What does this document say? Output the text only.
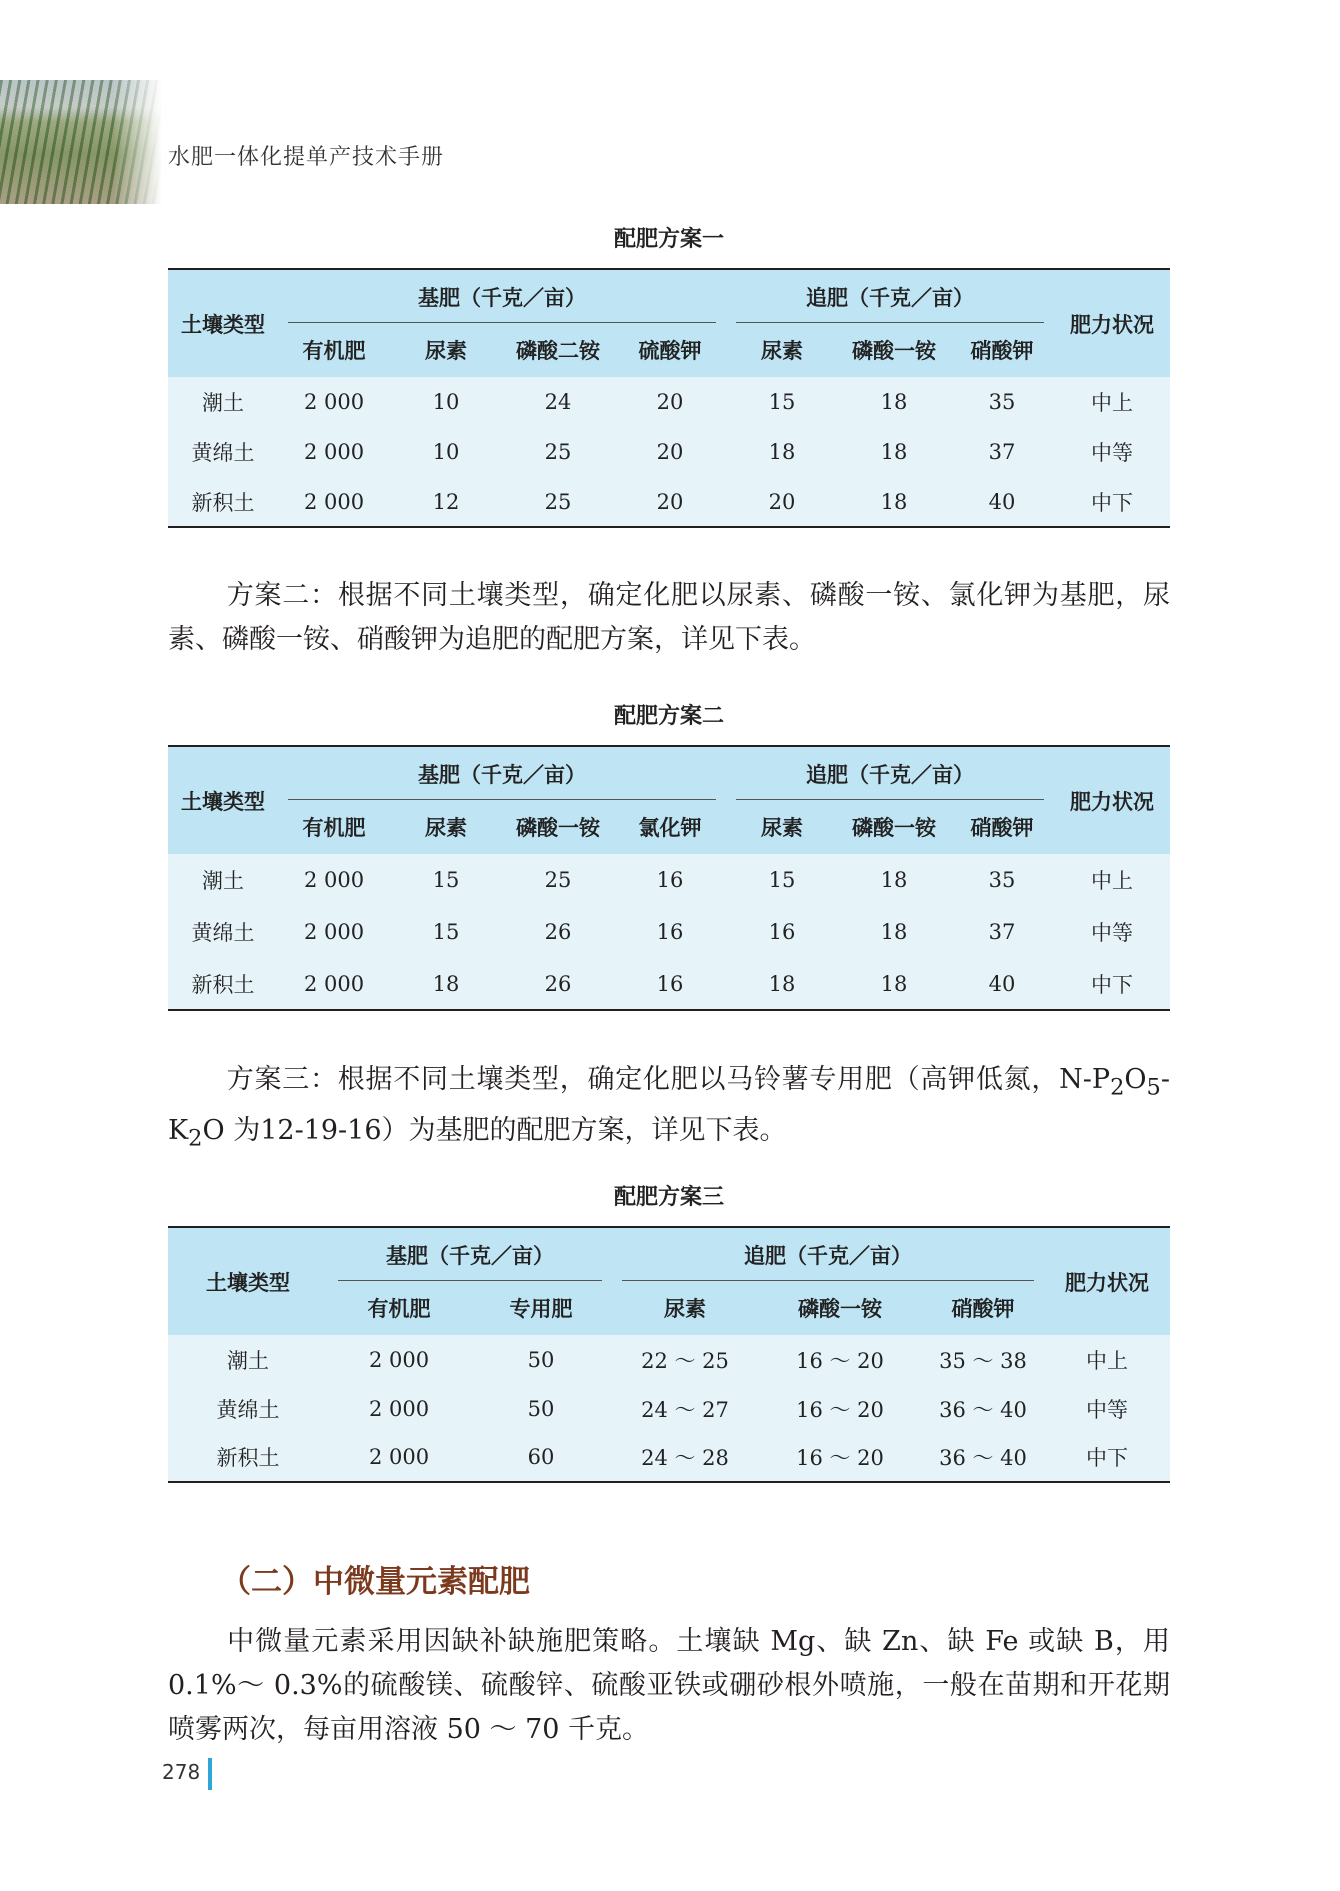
水肥一体化提单产技术手册
配肥方案一
土壤类型	基肥（千克／亩）				追肥（千克／亩）			肥力状况
	有机肥	尿素	磷酸二铵	硫酸钾	尿素	磷酸一铵	硝酸钾	
潮土	2 000	10	24	20	15	18	35	中上
黄绵土	2 000	10	25	20	18	18	37	中等
新积土	2 000	12	25	20	20	18	40	中下
方案二：根据不同土壤类型，确定化肥以尿素、磷酸一铵、氯化钾为基肥，尿素、磷酸一铵、硝酸钾为追肥的配肥方案，详见下表。
配肥方案二
土壤类型	基肥（千克／亩）				追肥（千克／亩）			肥力状况
	有机肥	尿素	磷酸一铵	氯化钾	尿素	磷酸一铵	硝酸钾	
潮土	2 000	15	25	16	15	18	35	中上
黄绵土	2 000	15	26	16	16	18	37	中等
新积土	2 000	18	26	16	18	18	40	中下
方案三：根据不同土壤类型，确定化肥以马铃薯专用肥（高钾低氮，$N-P_2O_5-K_2O$ 为12-19-16）为基肥的配肥方案，详见下表。
配肥方案三
土壤类型	基肥（千克／亩）		追肥（千克／亩）			肥力状况
	有机肥	专用肥	尿素	磷酸一铵	硝酸钾	
潮土	2 000	50	22 ～ 25	16 ～ 20	35 ～ 38	中上
黄绵土	2 000	50	24 ～ 27	16 ～ 20	36 ～ 40	中等
新积土	2 000	60	24 ～ 28	16 ～ 20	36 ～ 40	中下
（二）中微量元素配肥
中微量元素采用因缺补缺施肥策略。土壤缺 Mg、缺 Zn、缺 Fe 或缺 B，用 0.1%～ 0.3%的硫酸镁、硫酸锌、硫酸亚铁或硼砂根外喷施，一般在苗期和开花期喷雾两次，每亩用溶液 50 ～ 70 千克。
278
